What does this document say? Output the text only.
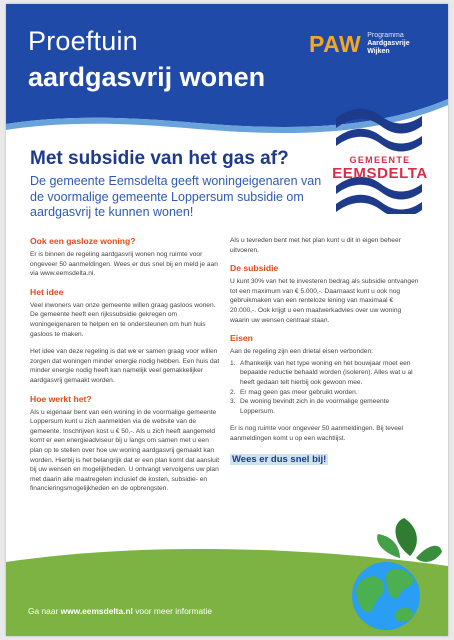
Proeftuin
aardgasvrij wonen
PAW Programma
Aardgasvrije
Wijken
GEMEENTE
EEMSDELTA
Met subsidie van het gas af?
De gemeente Eemsdelta geeft woningeigenaren van de voormalige gemeente Loppersum subsidie om aardgasvrij te kunnen wonen!
Ook een gasloze woning?
Er is binnen de regeling aardgasvrij wonen nog ruimte voor ongeveer 50 aanmeldingen. Wees er dus snel bij en meld je aan via www.eemsdelta.nl.
Het idee
Veel inwoners van onze gemeente willen graag gasloos wonen. De gemeente heeft een rijkssubsidie gekregen om woningeigenaren te helpen en te ondersteunen om hun huis gasloos te maken.
Het idee van deze regeling is dat we er samen graag voor willen zorgen dat woningen minder energie nodig hebben. Een huis dat minder energie nodig heeft kan namelijk veel gemakkelijker aardgasvrij gemaakt worden.
Hoe werkt het?
Als u eigenaar bent van een woning in de voormalige gemeente Loppersum kunt u zich aanmelden via de website van de gemeente. Inschrijven kost u € 50,-. Als u zich heeft aangemeld komt er een energieadviseur bij u langs om samen met u een plan op te stellen over hoe uw woning aardgasvrij gemaakt kan worden. Hierbij is het belangrijk dat er een plan komt dat aansluit bij uw wensen en mogelijkheden. U ontvangt vervolgens uw plan met daarin alle maatregelen inclusief de kosten, subsidie- en financieringsmogelijkheden en de opbrengsten.
Als u tevreden bent met het plan kunt u dit in eigen beheer uitvoeren.
De subsidie
U kunt 30% van het te investeren bedrag als subsidie ontvangen tot een maximum van € 5.000,-. Daarnaast kunt u ook nog gebruikmaken van een renteloze lening van maximaal € 20.000,-. Ook krijgt u een maatwerkadvies over uw woning waarin uw wensen centraal staan.
Eisen
Aan de regeling zijn een drietal eisen verbonden:
1. Afhankelijk van het type woning en het bouwjaar moet een bepaalde reductie behaald worden (isoleren). Alles wat u al heeft gedaan telt hierbij ook gewoon mee.
2. Er mag geen gas meer gebruikt worden.
3. De woning bevindt zich in de voormalige gemeente Loppersum.
Er is nog ruimte voor ongeveer 50 aanmeldingen. Bij teveel aanmeldingen komt u op een wachtlijst.
Wees er dus snel bij!
Ga naar www.eemsdelta.nl voor meer informatie
